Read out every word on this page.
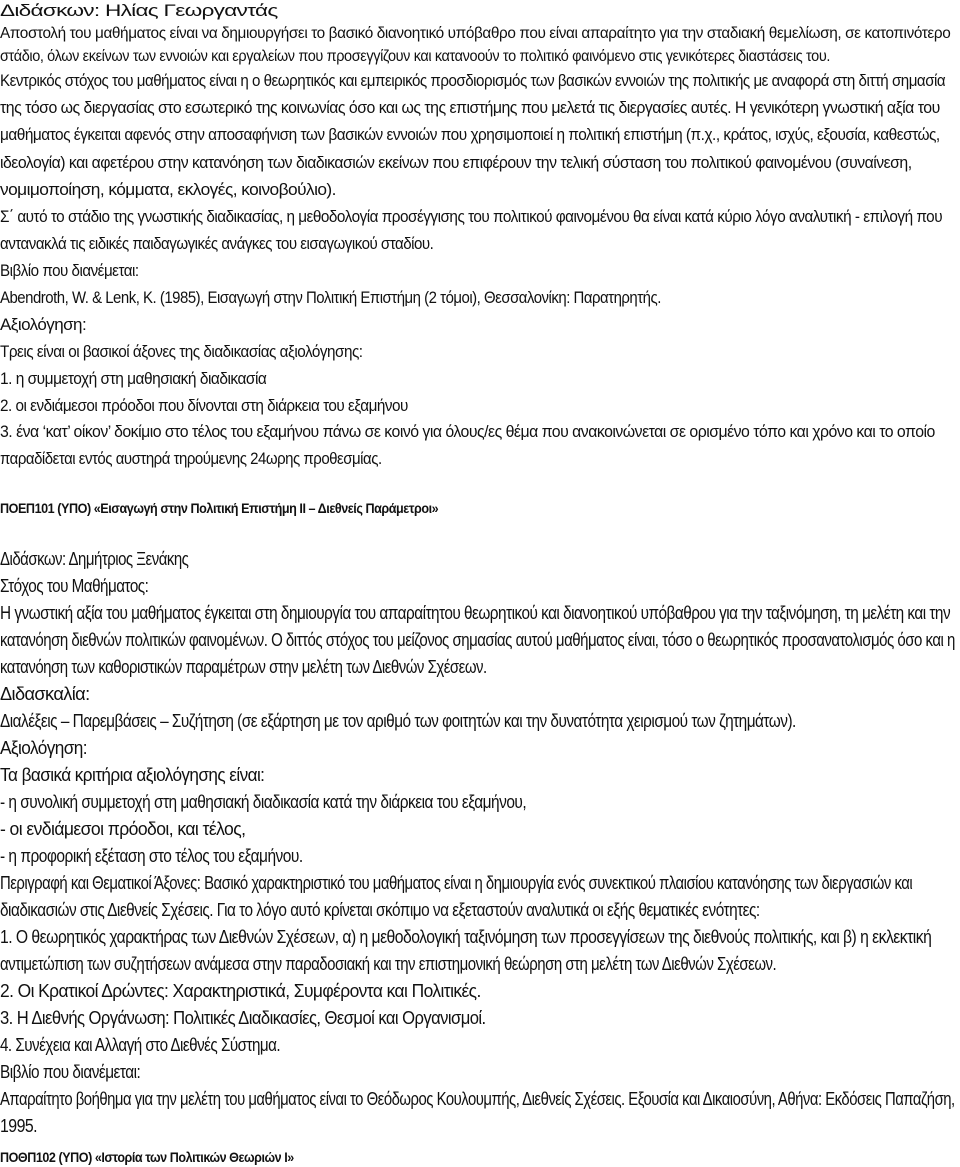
Διδάσκων: Ηλίας Γεωργαντάς

Αποστολή του μαθήματος είναι να δημιουργήσει το βασικό διανοητικό υπόβαθρο που είναι απαραίτητο για την σταδιακή θεμελίωση, σε κατοπινότερο

στάδιο, όλων εκείνων των εννοιών και εργαλείων που προσεγγίζουν και κατανοούν το πολιτικό φαινόμενο στις γενικότερες διαστάσεις του.

Κεντρικός στόχος του μαθήματος είναι η ο θεωρητικός και εμπειρικός προσδιορισμός των βασικών εννοιών της πολιτικής με αναφορά στη διττή σημασία

της τόσο ως διεργασίας στο εσωτερικό της κοινωνίας όσο και ως της επιστήμης που μελετά τις διεργασίες αυτές. Η γενικότερη γνωστική αξία του

μαθήματος έγκειται αφενός στην αποσαφήνιση των βασικών εννοιών που χρησιμοποιεί η πολιτική επιστήμη (π.χ., κράτος, ισχύς, εξουσία, καθεστώς,

ιδεολογία) και αφετέρου στην κατανόηση των διαδικασιών εκείνων που επιφέρουν την τελική σύσταση του πολιτικού φαινομένου (συναίνεση,

νομιμοποίηση, κόμματα, εκλογές, κοινοβούλιο).

Σ΄ αυτό το στάδιο της γνωστικής διαδικασίας, η μεθοδολογία προσέγγισης του πολιτικού φαινομένου θα είναι κατά κύριο λόγο αναλυτική - επιλογή που

αντανακλά τις ειδικές παιδαγωγικές ανάγκες του εισαγωγικού σταδίου.

Βιβλίο που διανέμεται:

Abendroth, W. & Lenk, K. (1985), Εισαγωγή στην Πολιτική Επιστήμη (2 τόμοι), Θεσσαλονίκη: Παρατηρητής.

Αξιολόγηση:

Τρεις είναι οι βασικοί άξονες της διαδικασίας αξιολόγησης:

1. η συμμετοχή στη μαθησιακή διαδικασία

2. οι ενδιάμεσοι πρόοδοι που δίνονται στη διάρκεια του εξαμήνου

3. ένα ‘κατ’ οίκον’ δοκίμιο στο τέλος του εξαμήνου πάνω σε κοινό για όλους/ες θέμα που ανακοινώνεται σε ορισμένο τόπο και χρόνο και το οποίο

παραδίδεται εντός αυστηρά τηρούμενης 24ωρης προθεσμίας.

ΠΟΕΠ101 (ΥΠΟ) «Εισαγωγή στην Πολιτική Επιστήμη ΙΙ – Διεθνείς Παράμετροι»

Διδάσκων: Δημήτριος Ξενάκης

Στόχος του Μαθήματος:

Η γνωστική αξία του μαθήματος έγκειται στη δημιουργία του απαραίτητου θεωρητικού και διανοητικού υπόβαθρου για την ταξινόμηση, τη μελέτη και την

κατανόηση διεθνών πολιτικών φαινομένων. Ο διττός στόχος του μείζονος σημασίας αυτού μαθήματος είναι, τόσο ο θεωρητικός προσανατολισμός όσο και η

κατανόηση των καθοριστικών παραμέτρων στην μελέτη των Διεθνών Σχέσεων.

Διδασκαλία:

Διαλέξεις – Παρεμβάσεις – Συζήτηση (σε εξάρτηση με τον αριθμό των φοιτητών και την δυνατότητα χειρισμού των ζητημάτων).

Αξιολόγηση:

Τα βασικά κριτήρια αξιολόγησης είναι:

- η συνολική συμμετοχή στη μαθησιακή διαδικασία κατά την διάρκεια του εξαμήνου,

- οι ενδιάμεσοι πρόοδοι, και τέλος,

- η προφορική εξέταση στο τέλος του εξαμήνου.

Περιγραφή και Θεματικοί Άξονες: Βασικό χαρακτηριστικό του μαθήματος είναι η δημιουργία ενός συνεκτικού πλαισίου κατανόησης των διεργασιών και

διαδικασιών στις Διεθνείς Σχέσεις. Για το λόγο αυτό κρίνεται σκόπιμο να εξεταστούν αναλυτικά οι εξής θεματικές ενότητες:

1. Ο θεωρητικός χαρακτήρας των Διεθνών Σχέσεων, α) η μεθοδολογική ταξινόμηση των προσεγγίσεων της διεθνούς πολιτικής, και β) η εκλεκτική

αντιμετώπιση των συζητήσεων ανάμεσα στην παραδοσιακή και την επιστημονική θεώρηση στη μελέτη των Διεθνών Σχέσεων.

2. Οι Κρατικοί Δρώντες: Χαρακτηριστικά, Συμφέροντα και Πολιτικές.

3. Η Διεθνής Οργάνωση: Πολιτικές Διαδικασίες, Θεσμοί και Οργανισμοί.

4. Συνέχεια και Αλλαγή στο Διεθνές Σύστημα.

Βιβλίο που διανέμεται:

Απαραίτητο βοήθημα για την μελέτη του μαθήματος είναι το Θεόδωρος Κουλουμπής, Διεθνείς Σχέσεις. Εξουσία και Δικαιοσύνη, Αθήνα: Εκδόσεις Παπαζήση,

1995.

ΠΟΘΠ102 (ΥΠΟ) «Ιστορία των Πολιτικών Θεωριών Ι»
